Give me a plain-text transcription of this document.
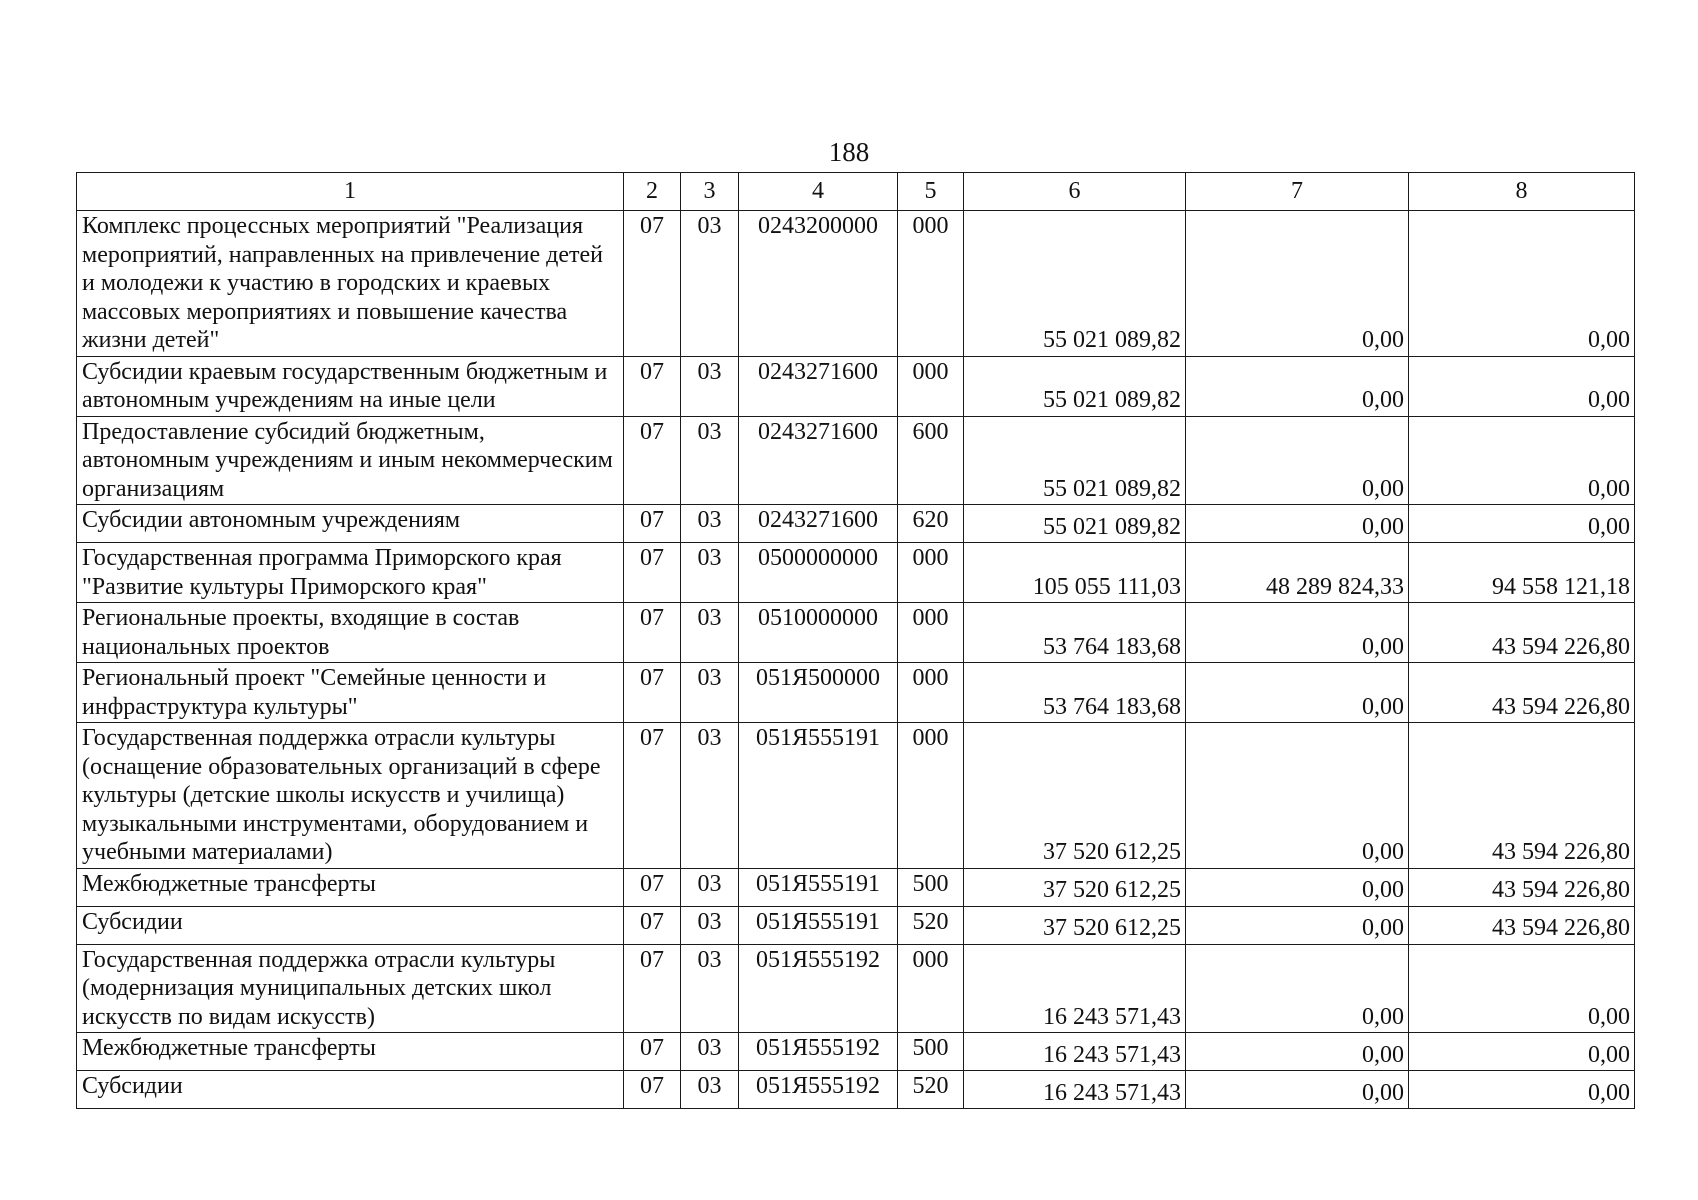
188
1	2	3	4	5	6	7	8
Комплекс процессных мероприятий "Реализация мероприятий, направленных на привлечение детей и молодежи к участию в городских и краевых массовых мероприятиях и повышение качества жизни детей"	07	03	0243200000	000	55 021 089,82	0,00	0,00
Субсидии краевым государственным бюджетным и автономным учреждениям на иные цели	07	03	0243271600	000	55 021 089,82	0,00	0,00
Предоставление субсидий бюджетным, автономным учреждениям и иным некоммерческим организациям	07	03	0243271600	600	55 021 089,82	0,00	0,00
Субсидии автономным учреждениям	07	03	0243271600	620	55 021 089,82	0,00	0,00
Государственная программа Приморского края "Развитие культуры Приморского края"	07	03	0500000000	000	105 055 111,03	48 289 824,33	94 558 121,18
Региональные проекты, входящие в состав национальных проектов	07	03	0510000000	000	53 764 183,68	0,00	43 594 226,80
Региональный проект "Семейные ценности и инфраструктура культуры"	07	03	051Я500000	000	53 764 183,68	0,00	43 594 226,80
Государственная поддержка отрасли культуры (оснащение образовательных организаций в сфере культуры (детские школы искусств и училища) музыкальными инструментами, оборудованием и учебными материалами)	07	03	051Я555191	000	37 520 612,25	0,00	43 594 226,80
Межбюджетные трансферты	07	03	051Я555191	500	37 520 612,25	0,00	43 594 226,80
Субсидии	07	03	051Я555191	520	37 520 612,25	0,00	43 594 226,80
Государственная поддержка отрасли культуры (модернизация муниципальных детских школ искусств по видам искусств)	07	03	051Я555192	000	16 243 571,43	0,00	0,00
Межбюджетные трансферты	07	03	051Я555192	500	16 243 571,43	0,00	0,00
Субсидии	07	03	051Я555192	520	16 243 571,43	0,00	0,00
